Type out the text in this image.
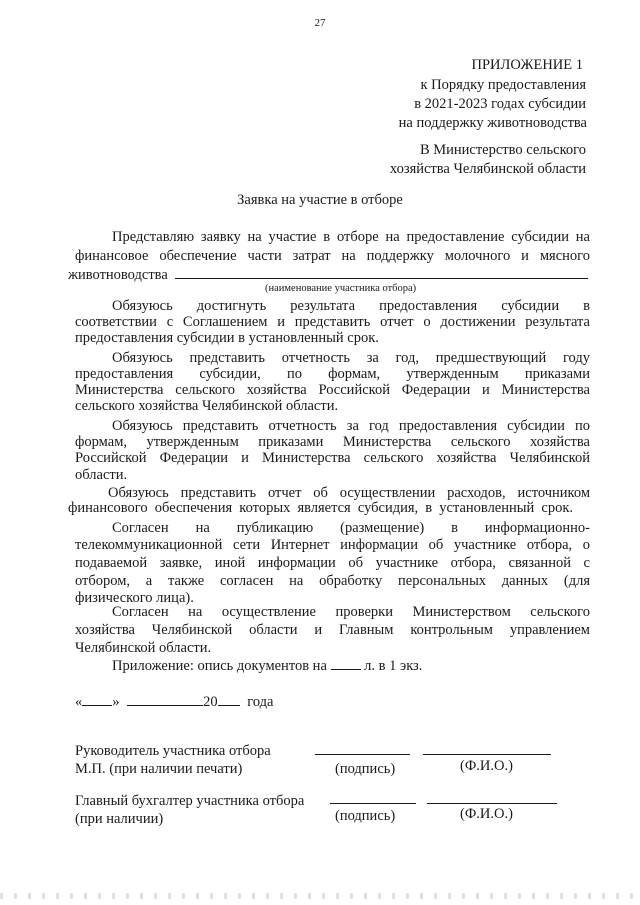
27
ПРИЛОЖЕНИЕ 1
к Порядку предоставления
в 2021-2023 годах субсидии
на поддержку животноводства
В Министерство сельского
хозяйства Челябинской области
Заявка на участие в отборе
Представляю заявку на участие в отборе на предоставление субсидии на
финансовое обеспечение части затрат на поддержку молочного и мясного
животноводства
(наименование участника отбора)
Обязуюсь достигнуть результата предоставления субсидии в
соответствии с Соглашением и представить отчет о достижении результата
предоставления субсидии в установленный срок.
Обязуюсь представить отчетность за год, предшествующий году
предоставления субсидии, по формам, утвержденным приказами
Министерства сельского хозяйства Российской Федерации и Министерства
сельского хозяйства Челябинской области.
Обязуюсь представить отчетность за год предоставления субсидии по
формам, утвержденным приказами Министерства сельского хозяйства
Российской Федерации и Министерства сельского хозяйства Челябинской
области.
Обязуюсь представить отчет об осуществлении расходов, источником
финансового обеспечения которых является субсидия, в установленный срок.
Согласен на публикацию (размещение) в информационно-
телекоммуникационной сети Интернет информации об участнике отбора, о
подаваемой заявке, иной информации об участнике отбора, связанной с
отбором, а также согласен на обработку персональных данных (для
физического лица).
Согласен на осуществление проверки Министерством сельского
хозяйства Челябинской области и Главным контрольным управлением
Челябинской области.
Приложение: опись документов на	л. в 1 экз.
« »	20 года
Руководитель участника отбора
М.П. (при наличии печати)	(подпись)	(Ф.И.О.)
Главный бухгалтер участника отбора
(при наличии)	(подпись)	(Ф.И.О.)
